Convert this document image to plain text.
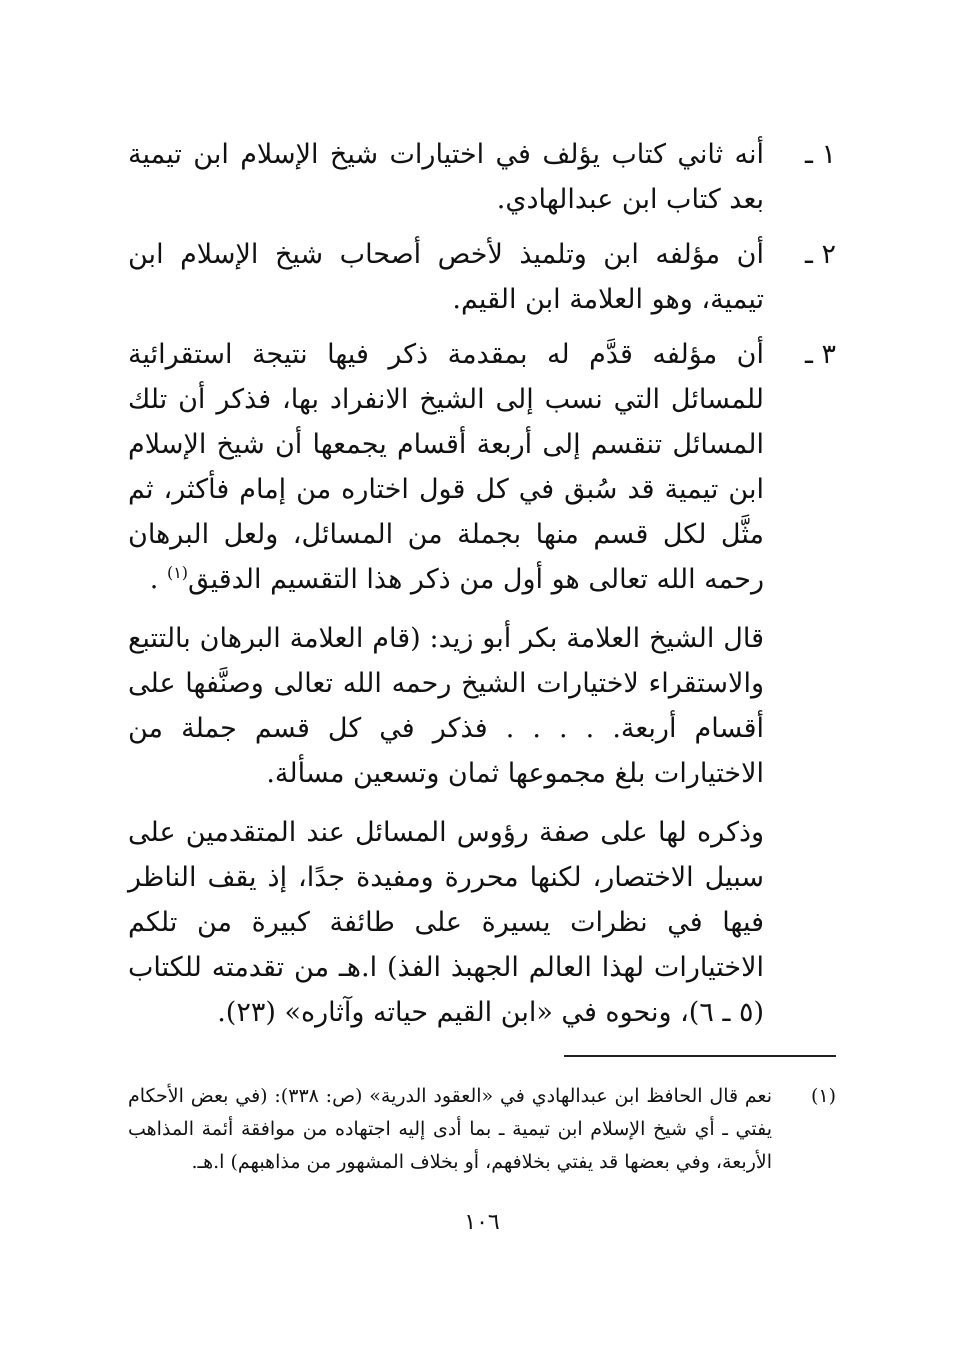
١ ـ
أنه ثاني كتاب يؤلف في اختيارات شيخ الإسلام ابن تيمية بعد كتاب ابن عبدالهادي.
٢ ـ
أن مؤلفه ابن وتلميذ لأخص أصحاب شيخ الإسلام ابن تيمية، وهو العلامة ابن القيم.
٣ ـ
أن مؤلفه قدَّم له بمقدمة ذكر فيها نتيجة استقرائية للمسائل التي نسب إلى الشيخ الانفراد بها، فذكر أن تلك المسائل تنقسم إلى أربعة أقسام يجمعها أن شيخ الإسلام ابن تيمية قد سُبق في كل قول اختاره من إمام فأكثر، ثم مثَّل لكل قسم منها بجملة من المسائل، ولعل البرهان رحمه الله تعالى هو أول من ذكر هذا التقسيم الدقيق$^{(١)}$ .

قال الشيخ العلامة بكر أبو زيد: (قام العلامة البرهان بالتتبع والاستقراء لاختيارات الشيخ رحمه الله تعالى وصنَّفها على أقسام أربعة. . . . . فذكر في كل قسم جملة من الاختيارات بلغ مجموعها ثمان وتسعين مسألة.

وذكره لها على صفة رؤوس المسائل عند المتقدمين على سبيل الاختصار، لكنها محررة ومفيدة جدًا، إذ يقف الناظر فيها في نظرات يسيرة على طائفة كبيرة من تلكم الاختيارات لهذا العالم الجهبذ الفذ) ا.هـ من تقدمته للكتاب (٥ ـ ٦)، ونحوه في «ابن القيم حياته وآثاره» (٢٣).

(١)
نعم قال الحافظ ابن عبدالهادي في «العقود الدرية» (ص: ٣٣٨): (في بعض الأحكام يفتي ـ أي شيخ الإسلام ابن تيمية ـ بما أدى إليه اجتهاده من موافقة أئمة المذاهب الأربعة، وفي بعضها قد يفتي بخلافهم، أو بخلاف المشهور من مذاهبهم) ا.هـ.
١٠٦
